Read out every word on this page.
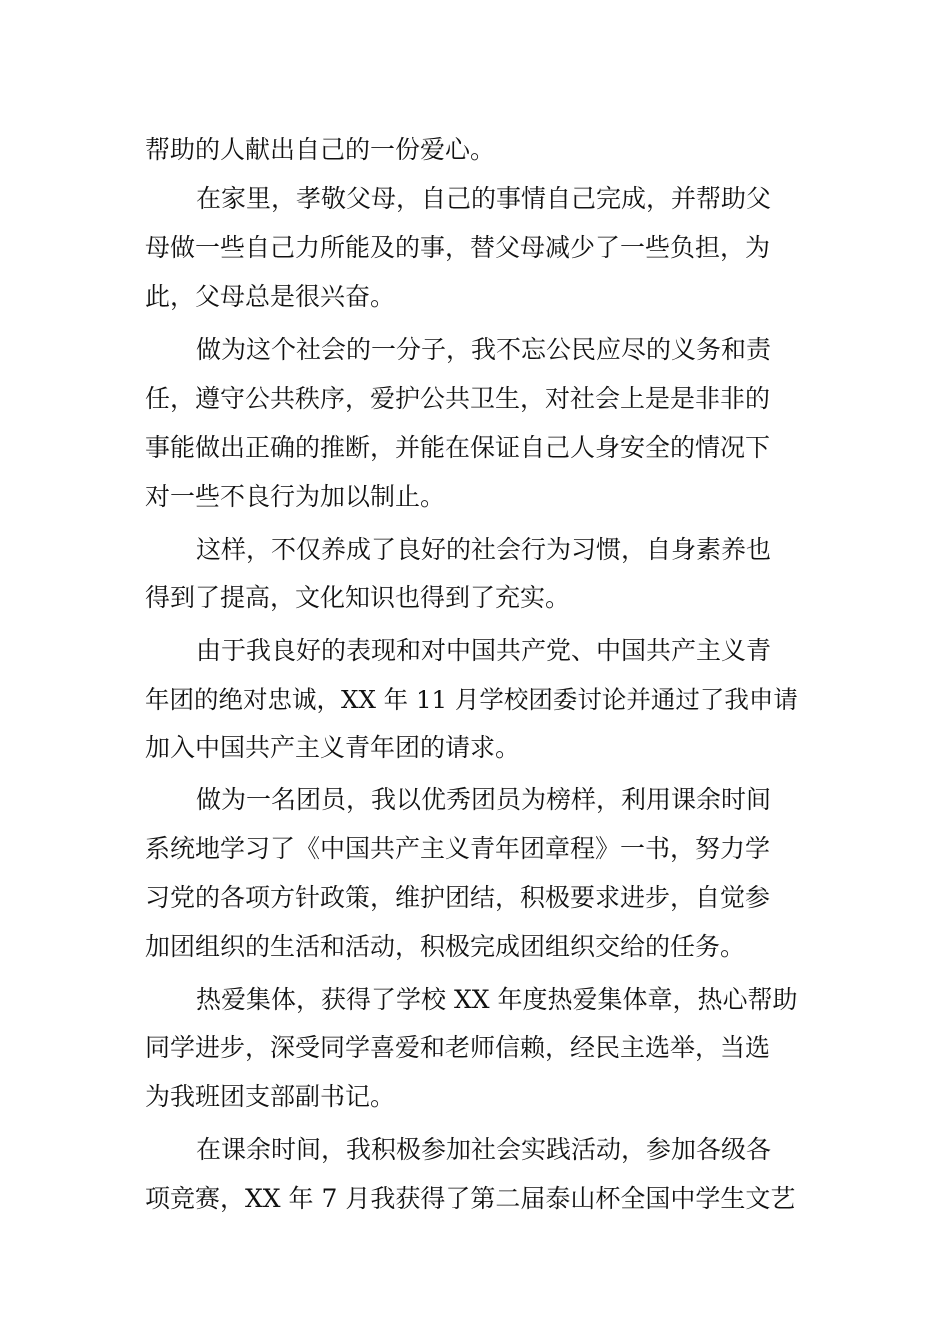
帮助的人献出自己的一份爱心。
在家里，孝敬父母，自己的事情自己完成，并帮助父
母做一些自己力所能及的事，替父母减少了一些负担，为
此，父母总是很兴奋。
做为这个社会的一分子，我不忘公民应尽的义务和责
任，遵守公共秩序，爱护公共卫生，对社会上是是非非的
事能做出正确的推断，并能在保证自己人身安全的情况下
对一些不良行为加以制止。
这样，不仅养成了良好的社会行为习惯，自身素养也
得到了提高，文化知识也得到了充实。
由于我良好的表现和对中国共产党、中国共产主义青
年团的绝对忠诚，XX 年 11 月学校团委讨论并通过了我申请
加入中国共产主义青年团的请求。
做为一名团员，我以优秀团员为榜样，利用课余时间
系统地学习了《中国共产主义青年团章程》一书，努力学
习党的各项方针政策，维护团结，积极要求进步，自觉参
加团组织的生活和活动，积极完成团组织交给的任务。
热爱集体，获得了学校 XX 年度热爱集体章，热心帮助
同学进步，深受同学喜爱和老师信赖，经民主选举，当选
为我班团支部副书记。
在课余时间，我积极参加社会实践活动，参加各级各
项竞赛，XX 年 7 月我获得了第二届泰山杯全国中学生文艺
